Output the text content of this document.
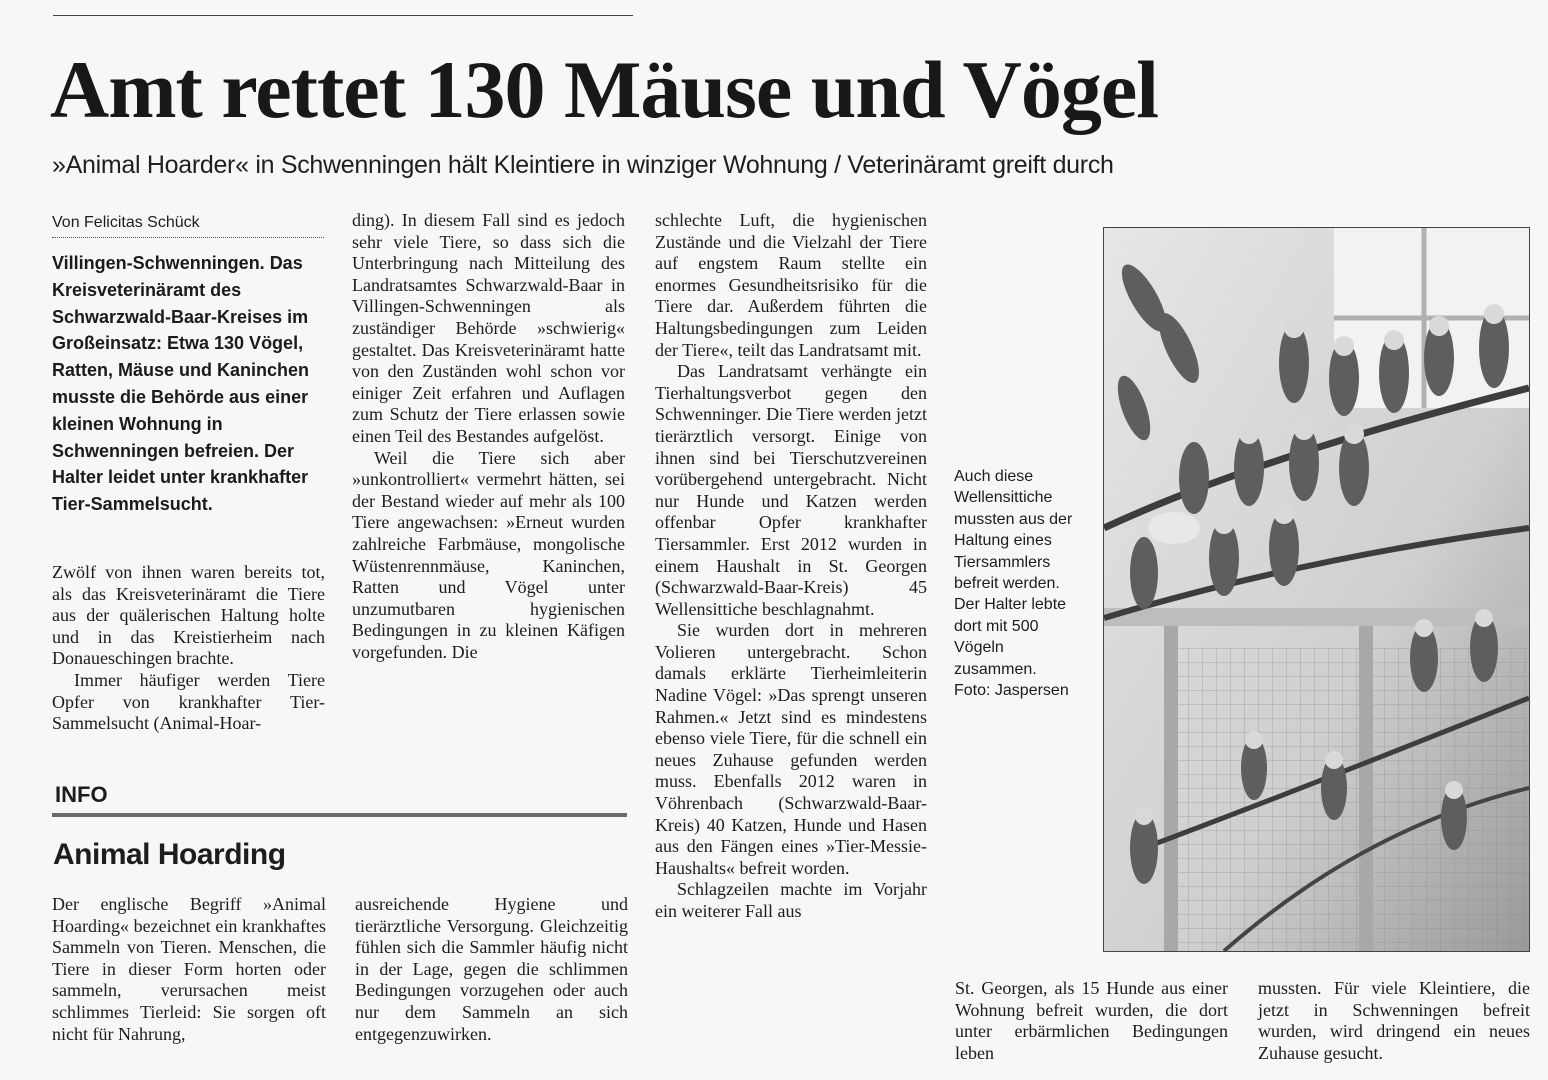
Amt rettet 130 Mäuse und Vögel
»Animal Hoarder« in Schwenningen hält Kleintiere in winziger Wohnung / Veterinäramt greift durch
Von Felicitas Schück
Villingen-Schwenningen. Das Kreisveterinäramt des Schwarzwald-Baar-Kreises im Großeinsatz: Etwa 130 Vögel, Ratten, Mäuse und Kaninchen musste die Behörde aus einer kleinen Wohnung in Schwenningen befreien. Der Halter leidet unter krankhafter Tier-Sammelsucht.

Zwölf von ihnen waren bereits tot, als das Kreisveterinäramt die Tiere aus der quälerischen Haltung holte und in das Kreistierheim nach Donaueschingen brachte.

Immer häufiger werden Tiere Opfer von krankhafter Tier-Sammelsucht (Animal-Hoar-

ding). In diesem Fall sind es jedoch sehr viele Tiere, so dass sich die Unterbringung nach Mitteilung des Landratsamtes Schwarzwald-Baar in Villingen-Schwenningen als zuständiger Behörde »schwierig« gestaltet. Das Kreisveterinäramt hatte von den Zuständen wohl schon vor einiger Zeit erfahren und Auflagen zum Schutz der Tiere erlassen sowie einen Teil des Bestandes aufgelöst.

Weil die Tiere sich aber »unkontrolliert« vermehrt hätten, sei der Bestand wieder auf mehr als 100 Tiere angewachsen: »Erneut wurden zahlreiche Farbmäuse, mongolische Wüstenrennmäuse, Kaninchen, Ratten und Vögel unter unzumutbaren hygienischen Bedingungen in zu kleinen Käfigen vorgefunden. Die

INFO
Animal Hoarding

Der englische Begriff »Animal Hoarding« bezeichnet ein krankhaftes Sammeln von Tieren. Menschen, die Tiere in dieser Form horten oder sammeln, verursachen meist schlimmes Tierleid: Sie sorgen oft nicht für Nahrung,

ausreichende Hygiene und tierärztliche Versorgung. Gleichzeitig fühlen sich die Sammler häufig nicht in der Lage, gegen die schlimmen Bedingungen vorzugehen oder auch nur dem Sammeln an sich entgegenzuwirken.

schlechte Luft, die hygienischen Zustände und die Vielzahl der Tiere auf engstem Raum stellte ein enormes Gesundheitsrisiko für die Tiere dar. Außerdem führten die Haltungsbedingungen zum Leiden der Tiere«, teilt das Landratsamt mit.

Das Landratsamt verhängte ein Tierhaltungsverbot gegen den Schwenninger. Die Tiere werden jetzt tierärztlich versorgt. Einige von ihnen sind bei Tierschutzvereinen vorübergehend untergebracht. Nicht nur Hunde und Katzen werden offenbar Opfer krankhafter Tiersammler. Erst 2012 wurden in einem Haushalt in St. Georgen (Schwarzwald-Baar-Kreis) 45 Wellensittiche beschlagnahmt.

Sie wurden dort in mehreren Volieren untergebracht. Schon damals erklärte Tierheimleiterin Nadine Vögel: »Das sprengt unseren Rahmen.« Jetzt sind es mindestens ebenso viele Tiere, für die schnell ein neues Zuhause gefunden werden muss. Ebenfalls 2012 waren in Vöhrenbach (Schwarzwald-Baar-Kreis) 40 Katzen, Hunde und Hasen aus den Fängen eines »Tier-Messie-Haushalts« befreit worden.

Schlagzeilen machte im Vorjahr ein weiterer Fall aus

Auch diese Wellensittiche mussten aus der Haltung eines Tiersammlers befreit werden. Der Halter lebte dort mit 500 Vögeln zusammen.

Foto: Jaspersen

St. Georgen, als 15 Hunde aus einer Wohnung befreit wurden, die dort unter erbärmlichen Bedingungen leben

mussten. Für viele Kleintiere, die jetzt in Schwenningen befreit wurden, wird dringend ein neues Zuhause gesucht.
